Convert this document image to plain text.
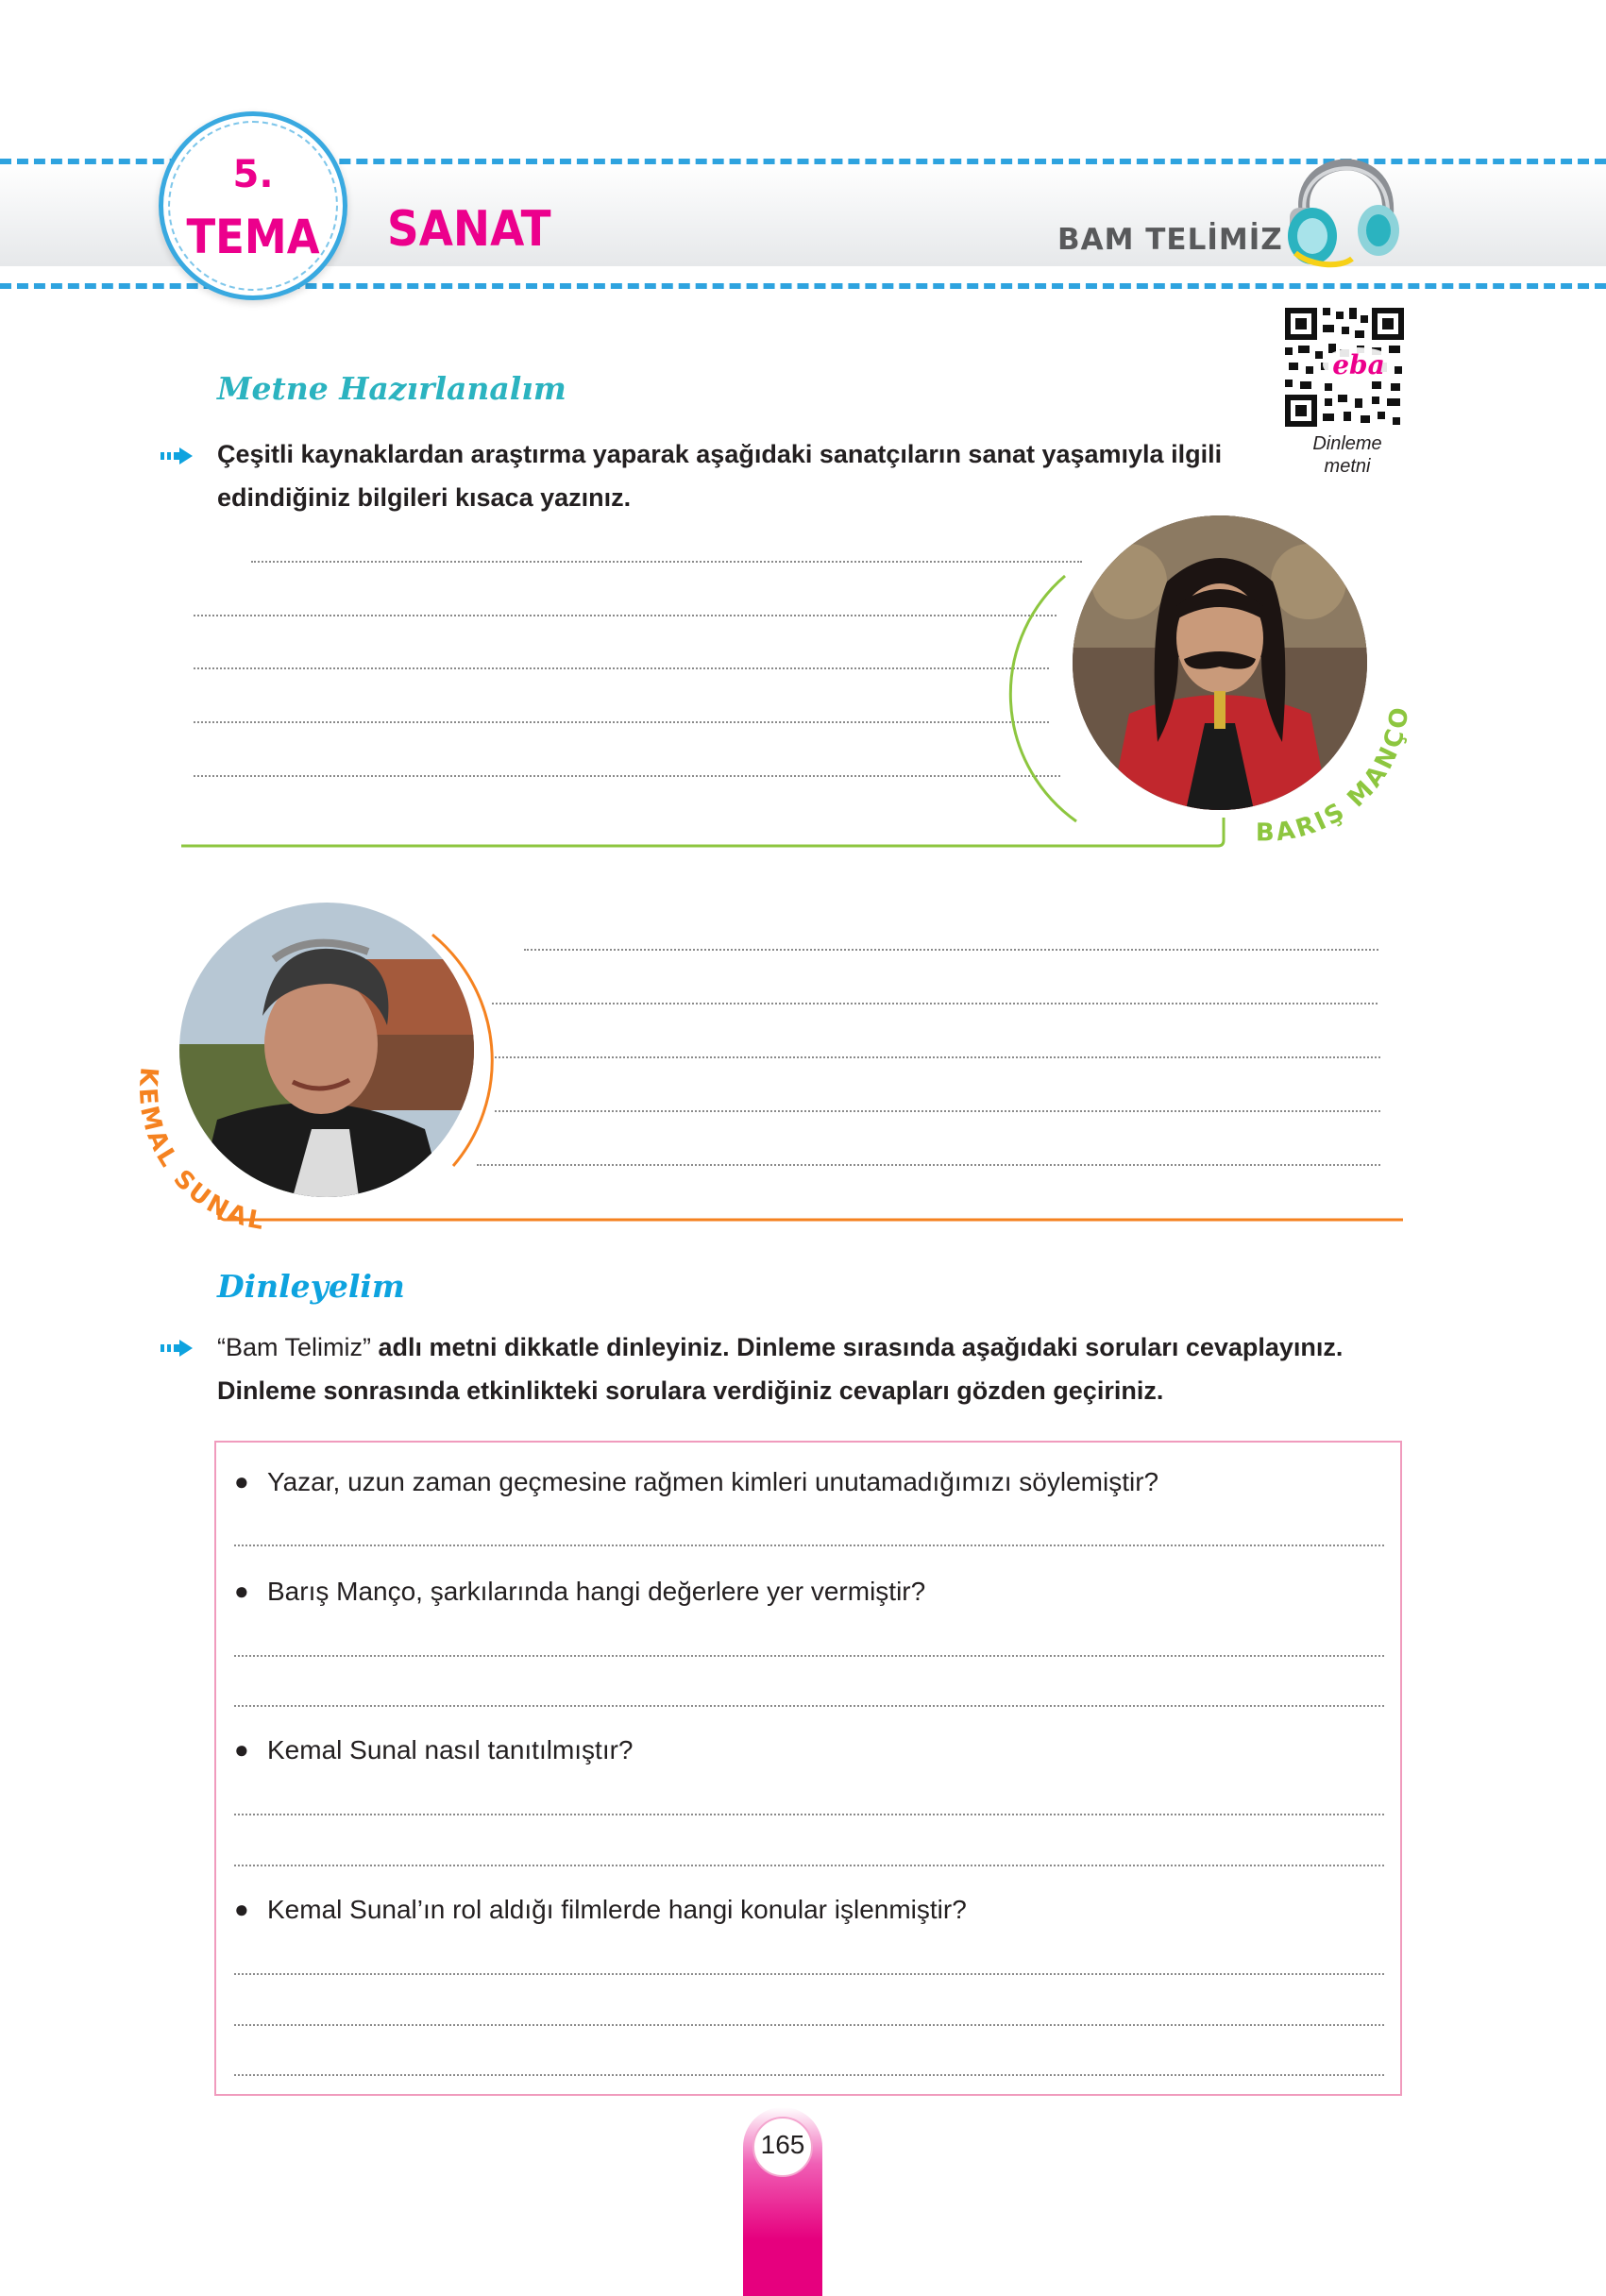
5.
TEMA	SANAT	BAM TELİMİZ
eba
Dinleme
metni
Metne Hazırlanalım
Çeşitli kaynaklardan araştırma yaparak aşağıdaki sanatçıların sanat yaşamıyla ilgili edindiğiniz bilgileri kısaca yazınız.
BARIŞ MANÇO
KEMAL SUNAL
Dinleyelim
“Bam Telimiz” adlı metni dikkatle dinleyiniz. Dinleme sırasında aşağıdaki soruları cevaplayınız. Dinleme sonrasında etkinlikteki sorulara verdiğiniz cevapları gözden geçiriniz.
● Yazar, uzun zaman geçmesine rağmen kimleri unutamadığımızı söylemiştir?
● Barış Manço, şarkılarında hangi değerlere yer vermiştir?
● Kemal Sunal nasıl tanıtılmıştır?
● Kemal Sunal’ın rol aldığı filmlerde hangi konular işlenmiştir?
165
